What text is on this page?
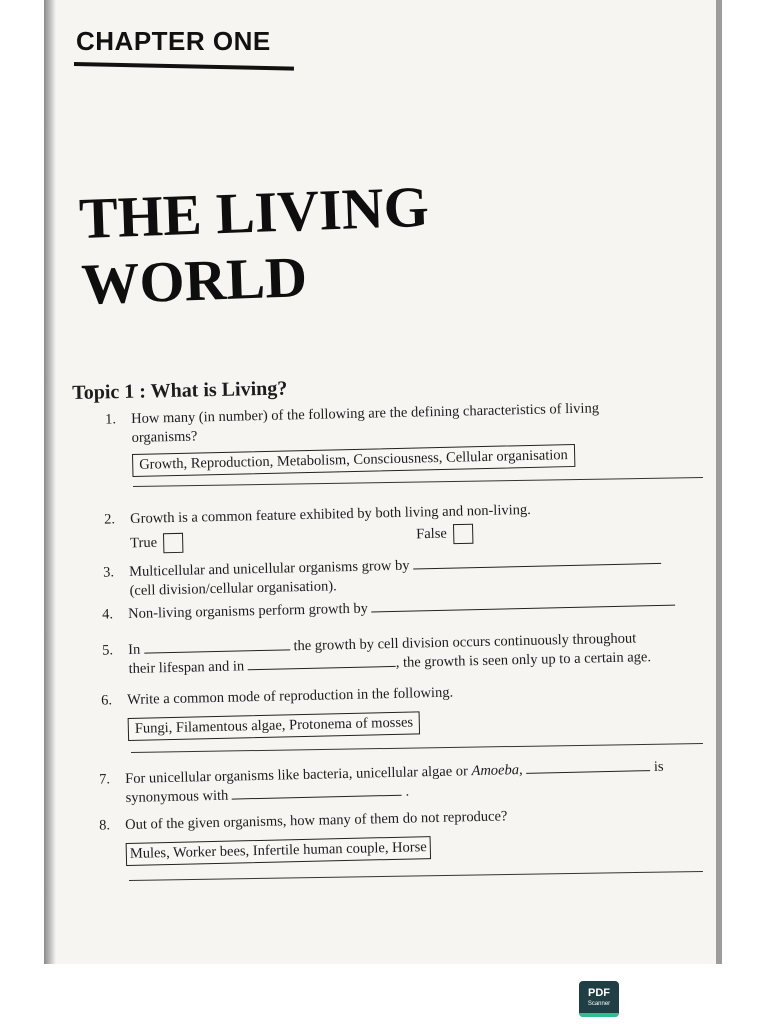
CHAPTER ONE
THE LIVING
WORLD
Topic 1 : What is Living?
1. How many (in number) of the following are the defining characteristics of living
organisms?
Growth, Reproduction, Metabolism, Consciousness, Cellular organisation
2. Growth is a common feature exhibited by both living and non-living.
True
False
3. Multicellular and unicellular organisms grow by
(cell division/cellular organisation).
4. Non-living organisms perform growth by
5. In	the growth by cell division occurs continuously throughout
their lifespan and in	, the growth is seen only up to a certain age.
6. Write a common mode of reproduction in the following.
Fungi, Filamentous algae, Protonema of mosses
7. For unicellular organisms like bacteria, unicellular algae or Amoeba,	is
synonymous with	.
8. Out of the given organisms, how many of them do not reproduce?
Mules, Worker bees, Infertile human couple, Horse
PDF
Scanner
